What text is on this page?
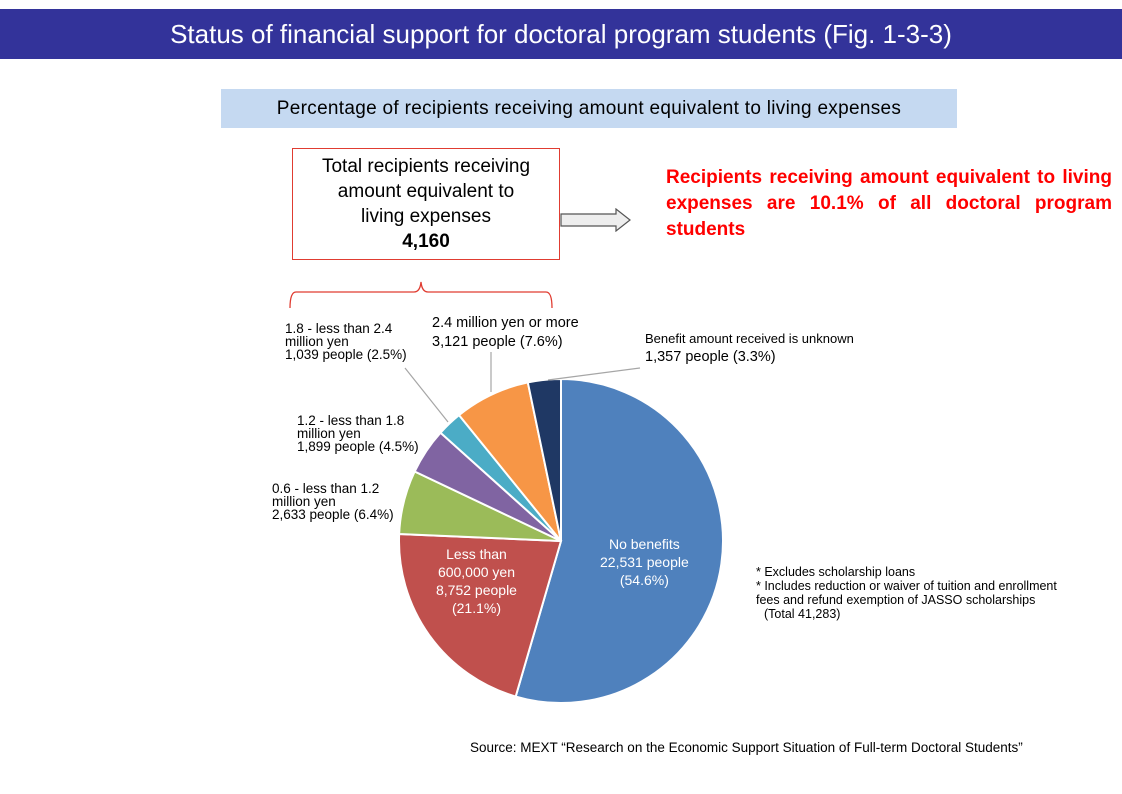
Status of financial support for doctoral program students (Fig. 1-3-3)
Percentage of recipients receiving amount equivalent to living expenses
Total recipients receiving
amount equivalent to
living expenses
4,160
Recipients receiving amount equivalent to living expenses are 10.1% of all doctoral program students
No benefits
22,531 people
(54.6%)
Less than
600,000 yen
8,752 people
(21.1%)
0.6 - less than 1.2
million yen
2,633 people (6.4%)
1.2 - less than 1.8
million yen
1,899 people (4.5%)
1.8 - less than 2.4
million yen
1,039 people (2.5%)
2.4 million yen or more
3,121 people (7.6%)	Benefit amount received is unknown
1,357 people (3.3%)
* Excludes scholarship loans
* Includes reduction or waiver of tuition and enrollment
fees and refund exemption of JASSO scholarships
(Total 41,283)
Source: MEXT “Research on the Economic Support Situation of Full-term Doctoral Students”
